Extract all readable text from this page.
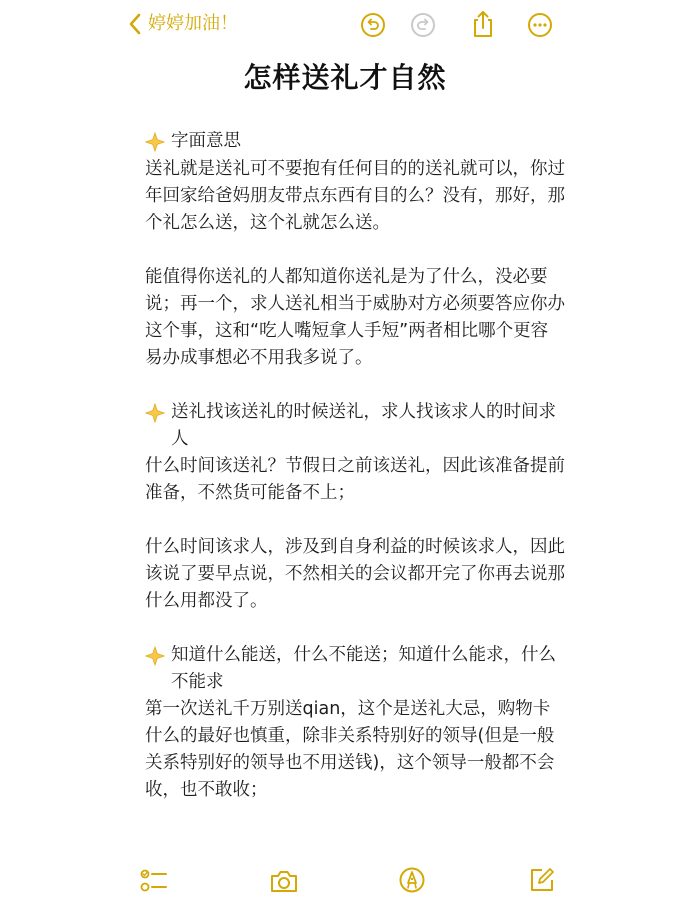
婷婷加油！
怎样送礼才自然

字面意思

送礼就是送礼可不要抱有任何目的的送礼就可以，你过年回家给爸妈朋友带点东西有目的么？没有，那好，那个礼怎么送，这个礼就怎么送。

能值得你送礼的人都知道你送礼是为了什么，没必要说；再一个，求人送礼相当于威胁对方必须要答应你办这个事，这和“吃人嘴短拿人手短”两者相比哪个更容易办成事想必不用我多说了。

送礼找该送礼的时候送礼，求人找该求人的时间求人

什么时间该送礼？节假日之前该送礼，因此该准备提前准备，不然货可能备不上；

什么时间该求人，涉及到自身利益的时候该求人，因此该说了要早点说，不然相关的会议都开完了你再去说那什么用都没了。

知道什么能送，什么不能送；知道什么能求，什么不能求

第一次送礼千万别送qian，这个是送礼大忌，购物卡什么的最好也慎重，除非关系特别好的领导(但是一般关系特别好的领导也不用送钱)，这个领导一般都不会收，也不敢收；
